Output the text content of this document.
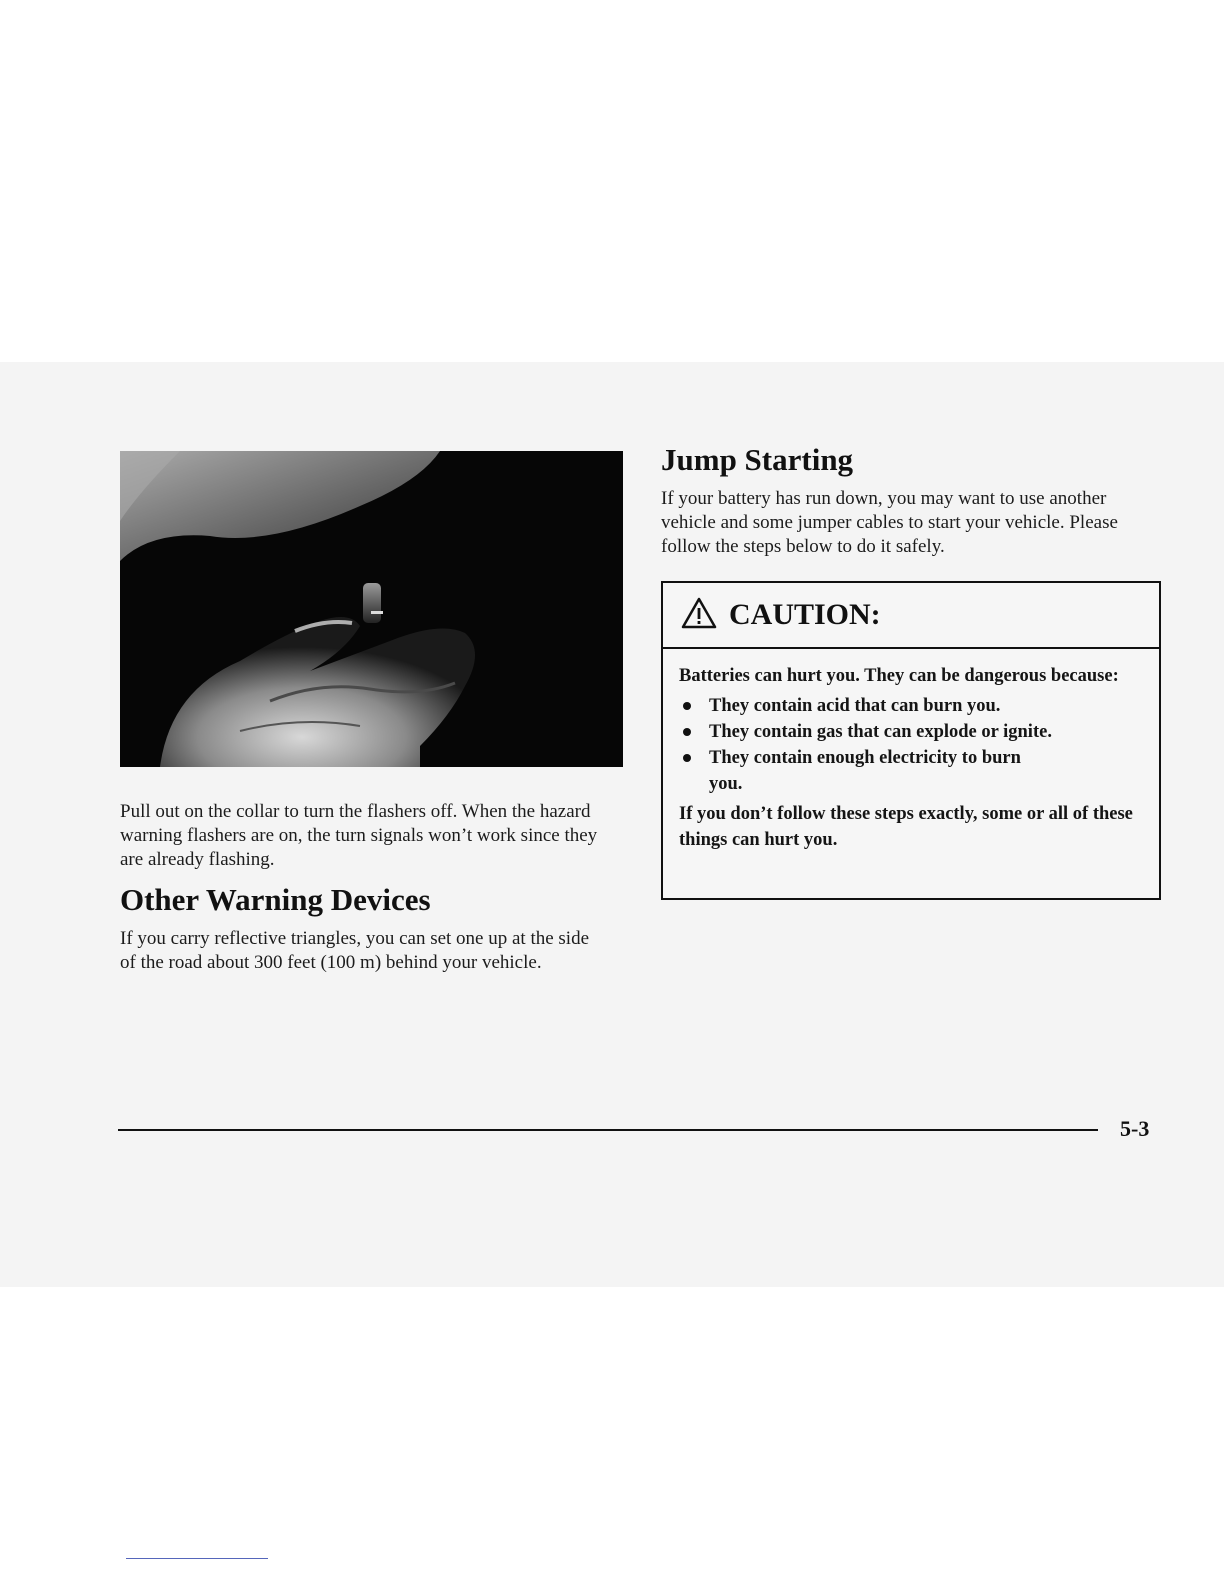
Pull out on the collar to turn the flashers off. When the hazard warning flashers are on, the turn signals won’t work since they are already flashing.

Other Warning Devices

If you carry reflective triangles, you can set one up at the side of the road about 300 feet (100 m) behind your vehicle.

Jump Starting

If your battery has run down, you may want to use another vehicle and some jumper cables to start your vehicle. Please follow the steps below to do it safely.

CAUTION:

Batteries can hurt you. They can be dangerous because:

They contain acid that can burn you.
They contain gas that can explode or ignite.
They contain enough electricity to burn you.

If you don’t follow these steps exactly, some or all of these things can hurt you.

5-3
